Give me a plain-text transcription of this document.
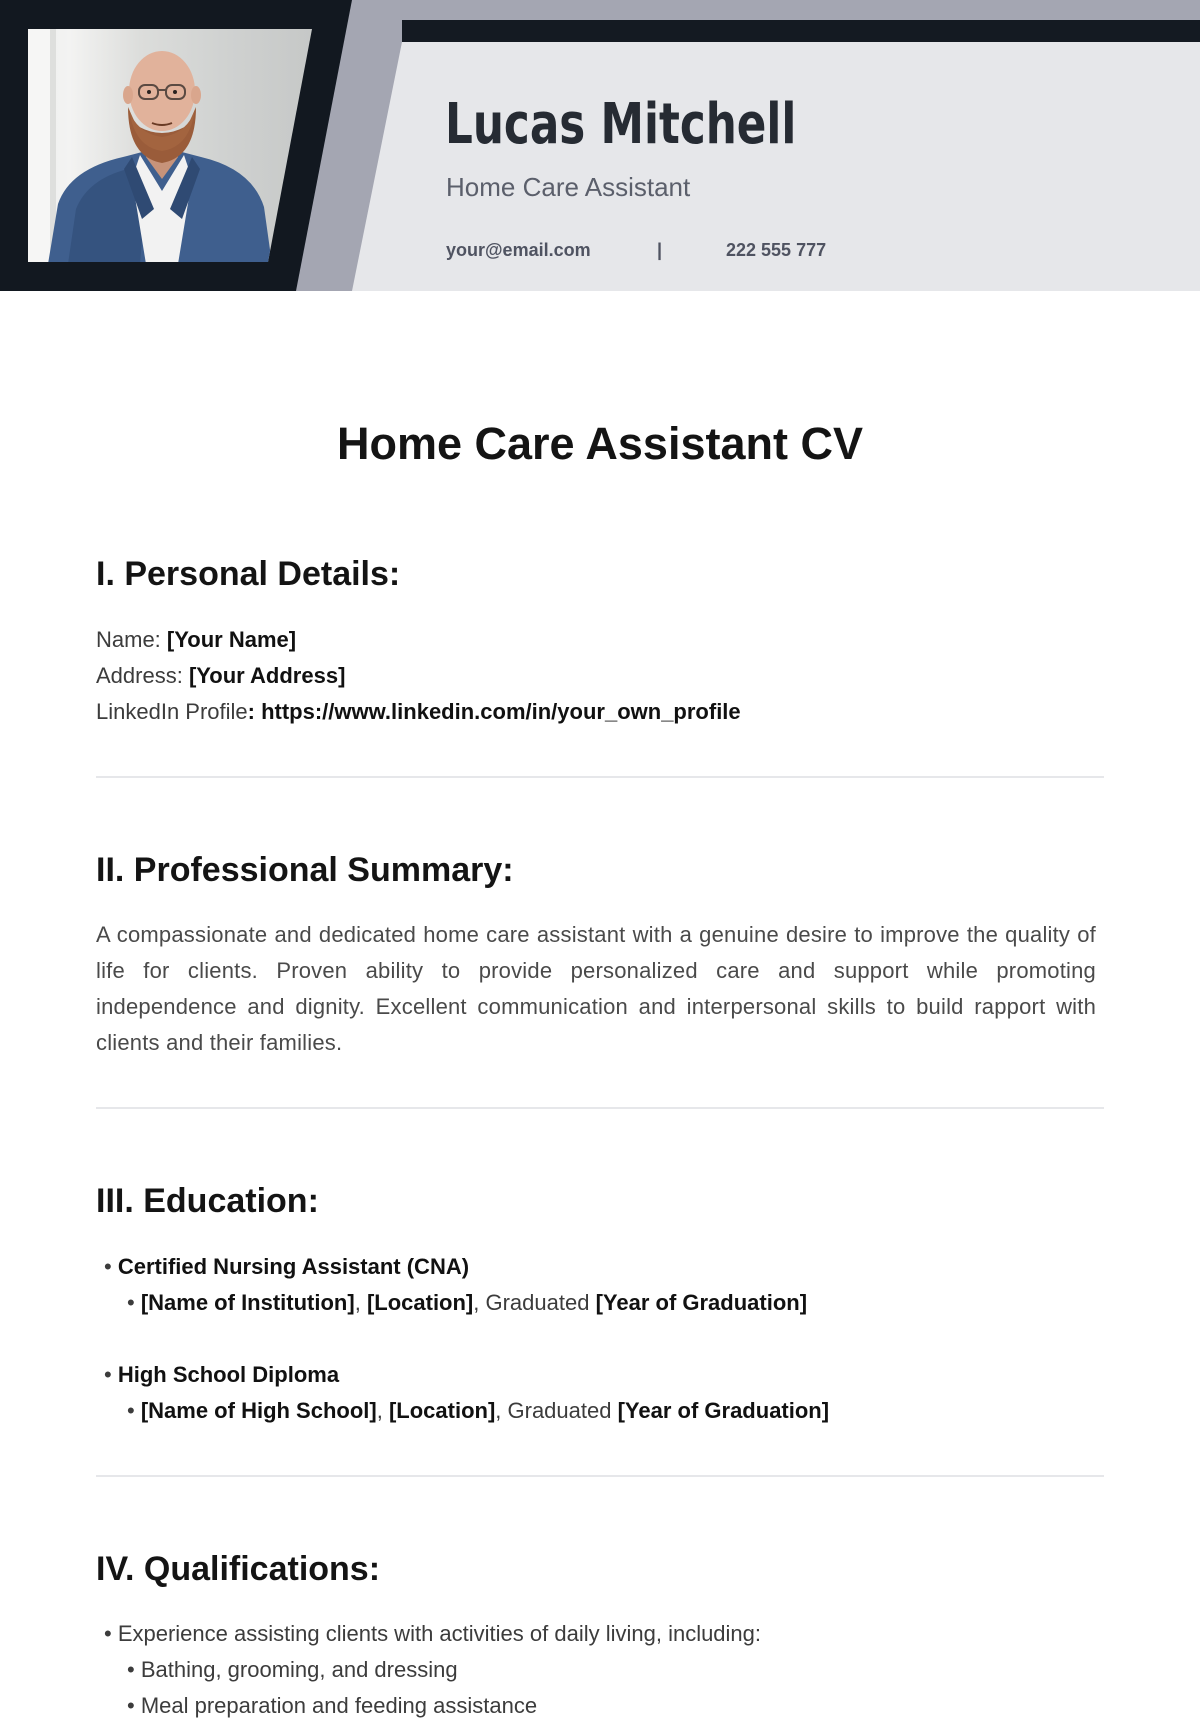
Lucas Mitchell
Home Care Assistant
your@email.com	|	222 555 777
Home Care Assistant CV
I. Personal Details:
Name: [Your Name]
Address: [Your Address]
LinkedIn Profile: https://www.linkedin.com/in/your_own_profile
II. Professional Summary:

A compassionate and dedicated home care assistant with a genuine desire to improve the quality of life for clients. Proven ability to provide personalized care and support while promoting independence and dignity. Excellent communication and interpersonal skills to build rapport with clients and their families.

III. Education:
• Certified Nursing Assistant (CNA)
• [Name of Institution], [Location], Graduated [Year of Graduation]
• High School Diploma
• [Name of High School], [Location], Graduated [Year of Graduation]
IV. Qualifications:
• Experience assisting clients with activities of daily living, including:
• Bathing, grooming, and dressing
• Meal preparation and feeding assistance
